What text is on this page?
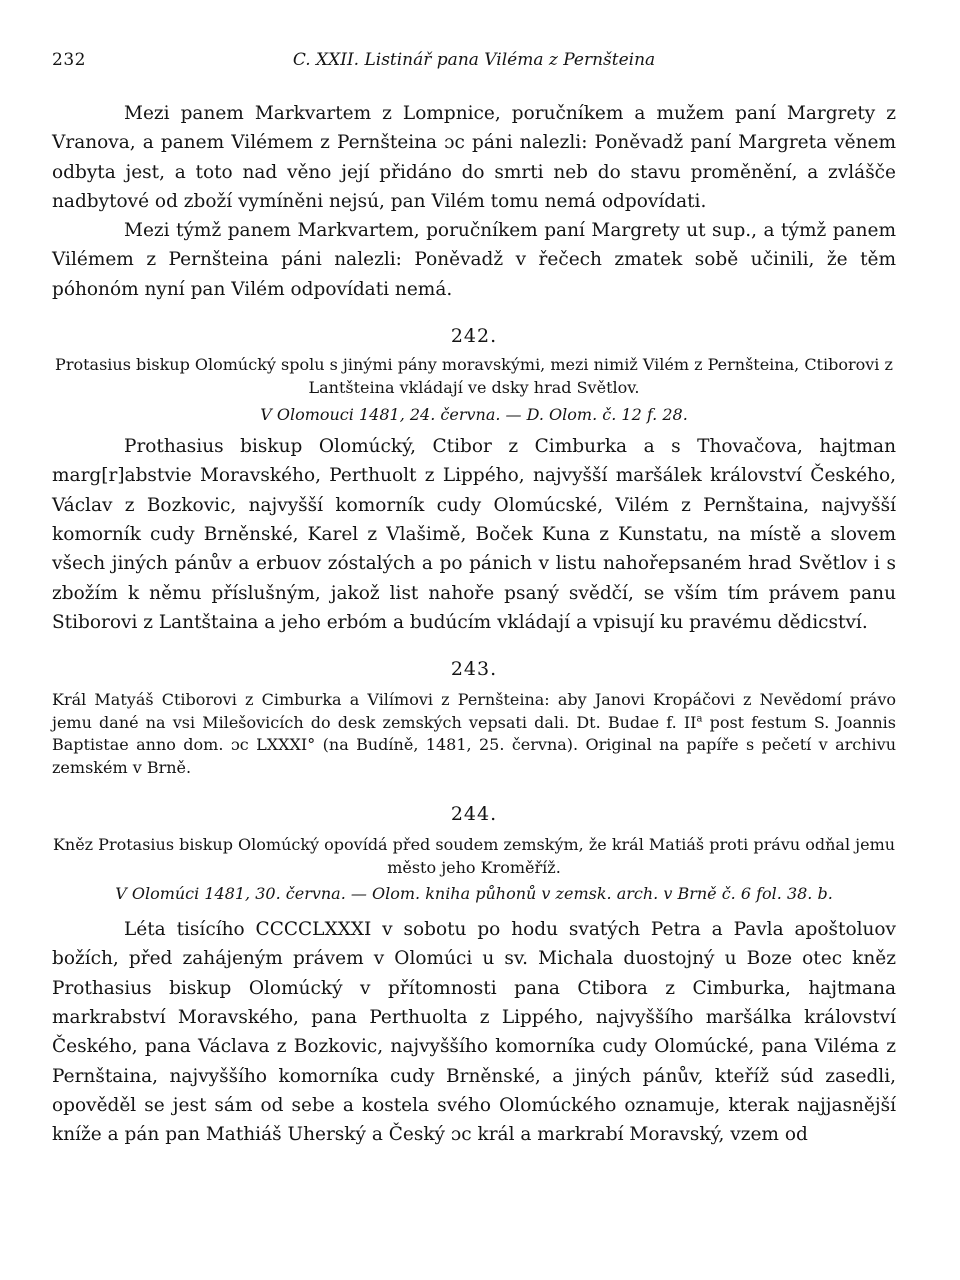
232	C. XXII. Listinář pana Viléma z Pernšteina

Mezi panem Markvartem z Lompnice, poručníkem a mužem paní Margrety z Vranova, a panem Vilémem z Pernšteina ɔc páni nalezli: Poněvadž paní Margreta věnem odbyta jest, a toto nad věno její přidáno do smrti neb do stavu proměnění, a zvlášče nadbytové od zboží vymíněni nejsú, pan Vilém tomu nemá odpovídati.

Mezi týmž panem Markvartem, poručníkem paní Margrety ut sup., a týmž panem Vilémem z Pernšteina páni nalezli: Poněvadž v řečech zmatek sobě učinili, že těm póhonóm nyní pan Vilém odpovídati nemá.

242.

Protasius biskup Olomúcký spolu s jinými pány moravskými, mezi nimiž Vilém z Pernšteina, Ctiborovi z Lantšteina vkládají ve dsky hrad Světlov.

V Olomouci 1481, 24. června. — D. Olom. č. 12 f. 28.

Prothasius biskup Olomúcký, Ctibor z Cimburka a s Thovačova, hajtman marg[r]abstvie Moravského, Perthuolt z Lippého, najvyšší maršálek království Českého, Václav z Bozkovic, najvyšší komorník cudy Olomúcské, Vilém z Pernštaina, najvyšší komorník cudy Brněnské, Karel z Vlašimě, Boček Kuna z Kunstatu, na místě a slovem všech jiných pánův a erbuov zóstalých a po pánich v listu nahořepsaném hrad Světlov i s zbožím k němu příslušným, jakož list nahoře psaný svědčí, se vším tím právem panu Stiborovi z Lantštaina a jeho erbóm a budúcím vkládají a vpisují ku pravému dědicství.

243.

Král Matyáš Ctiborovi z Cimburka a Vilímovi z Pernšteina: aby Janovi Kropáčovi z Nevědomí právo jemu dané na vsi Milešovicích do desk zemských vepsati dali. Dt. Budae f. $II^a$ post festum S. Joannis Baptistae anno dom. ɔc LXXXI° (na Budíně, 1481, 25. června). Original na papíře s pečetí v archivu zemském v Brně.

244.

Kněz Protasius biskup Olomúcký opovídá před soudem zemským, že král Matiáš proti právu odňal jemu město jeho Kroměříž.

V Olomúci 1481, 30. června. — Olom. kniha půhonů v zemsk. arch. v Brně č. 6 fol. 38. b.

Léta tisícího CCCCLXXXI v sobotu po hodu svatých Petra a Pavla apoštoluov božích, před zahájeným právem v Olomúci u sv. Michala duostojný u Boze otec kněz Prothasius biskup Olomúcký v přítomnosti pana Ctibora z Cimburka, hajtmana markrabství Moravského, pana Perthuolta z Lippého, najvyššího maršálka království Českého, pana Václava z Bozkovic, najvyššího komorníka cudy Olomúcké, pana Viléma z Pernštaina, najvyššího komorníka cudy Brněnské, a jiných pánův, kteříž súd zasedli, opověděl se jest sám od sebe a kostela svého Olomúckého oznamuje, kterak najjasnější kníže a pán pan Mathiáš Uherský a Český ɔc král a markrabí Moravský, vzem od
